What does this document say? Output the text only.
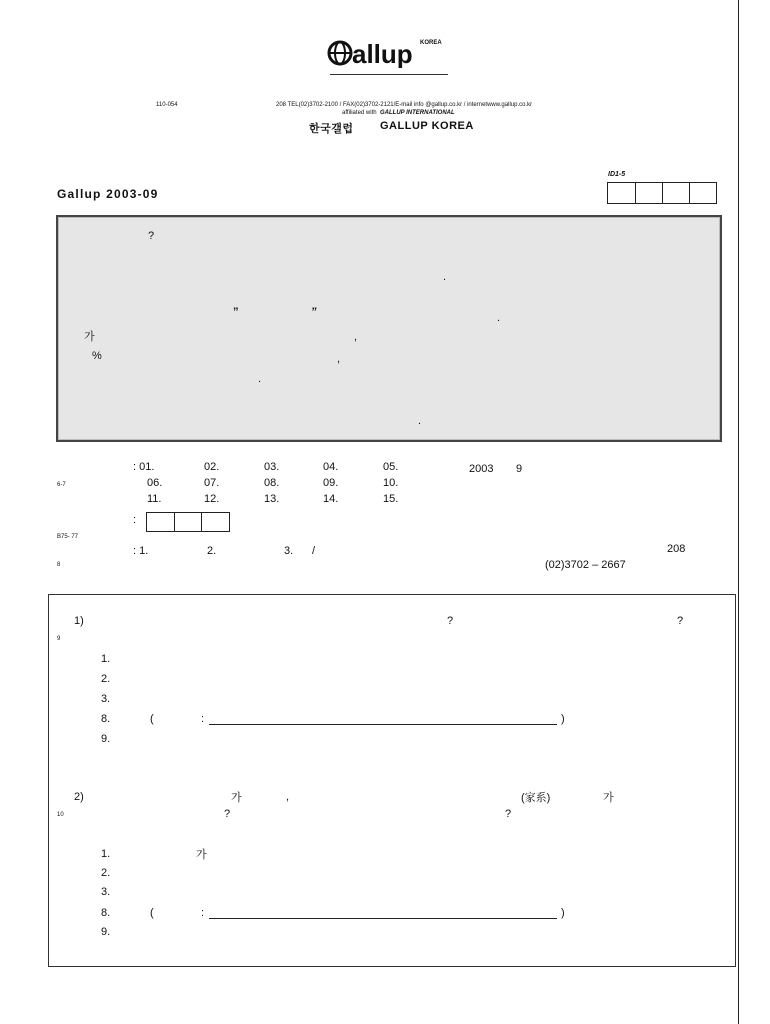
allup KOREA
110-054	208 TEL(02)3702-2100 / FAX(02)3702-2121/E-mail info @gallup.co.kr / internetwww.gallup.co.kr
affiliated with GALLUP INTERNATIONAL
한국갤럽 GALLUP KOREA
Gallup 2003-09
ID1-5
?
.
”	”	.
가	,
%	,
.
.
: 01.	02.	03.	04.	05.	2003 9
6-7	06.	07.	08.	09.	10.
11.	12.	13.	14.	15.
:
B75- 77
: 1.	2.	3. /
8
208
(02)3702 – 2667
1)	?	?
9
1.
2.
3.
8.	(	:	)
9.
2)	가	,	(家系)	가
10	?	?
1.	가
2.
3.
8.	(	:	)
9.
